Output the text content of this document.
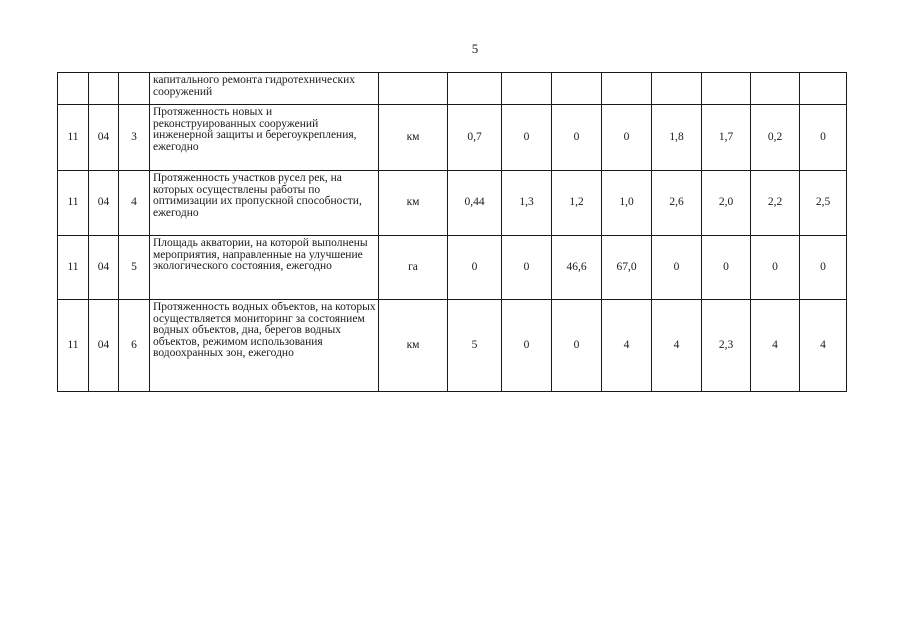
5
			капитального ремонта гидротехнических сооружений									
11	04	3	Протяженность новых и реконструированных сооружений инженерной защиты и берегоукрепления, ежегодно	км	0,7	0	0	0	1,8	1,7	0,2	0
11	04	4	Протяженность участков русел рек, на которых осуществлены работы по оптимизации их пропускной способности, ежегодно	км	0,44	1,3	1,2	1,0	2,6	2,0	2,2	2,5
11	04	5	Площадь акватории, на которой выполнены мероприятия, направленные на улучшение экологического состояния, ежегодно	га	0	0	46,6	67,0	0	0	0	0
11	04	6	Протяженность водных объектов, на которых осуществляется мониторинг за состоянием водных объектов, дна, берегов водных объектов, режимом использования водоохранных зон, ежегодно	км	5	0	0	4	4	2,3	4	4
